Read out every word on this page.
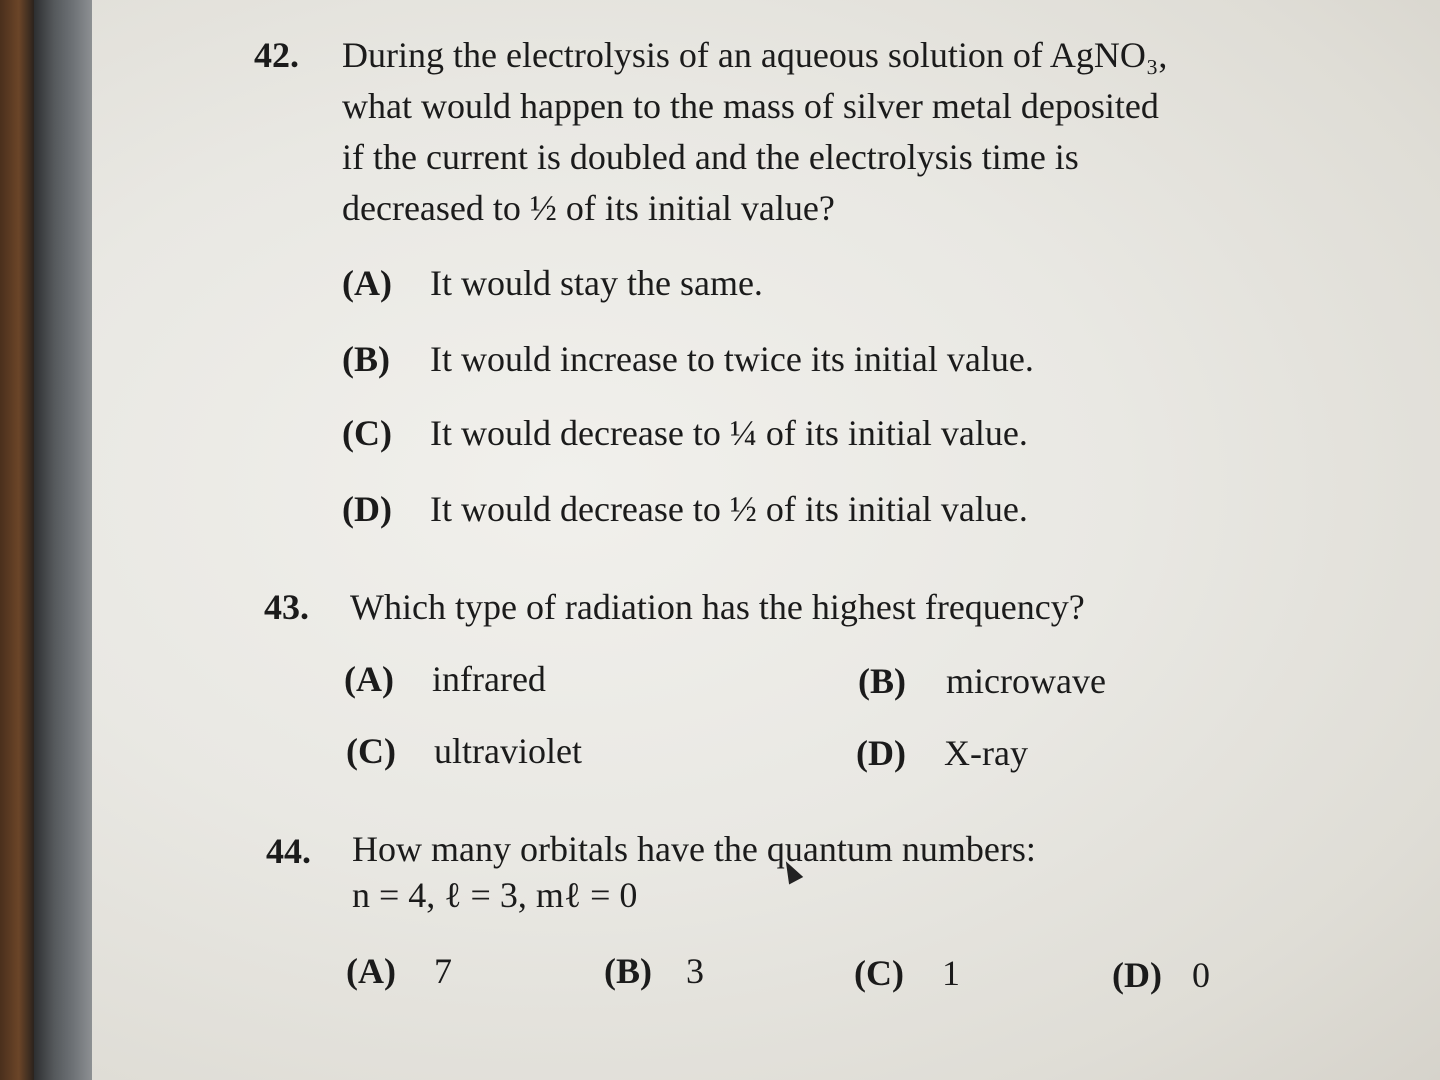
42. During the electrolysis of an aqueous solution of AgNO₃,
what would happen to the mass of silver metal deposited
if the current is doubled and the electrolysis time is
decreased to ½ of its initial value?
(A) It would stay the same.
(B) It would increase to twice its initial value.
(C) It would decrease to ¼ of its initial value.
(D) It would decrease to ½ of its initial value.
43. Which type of radiation has the highest frequency?
(A) infrared	(B) microwave
(C) ultraviolet	(D) X-ray
44. How many orbitals have the quantum numbers:
n = 4, ℓ = 3, mℓ = 0
(A) 7	(B) 3	(C) 1	(D) 0
